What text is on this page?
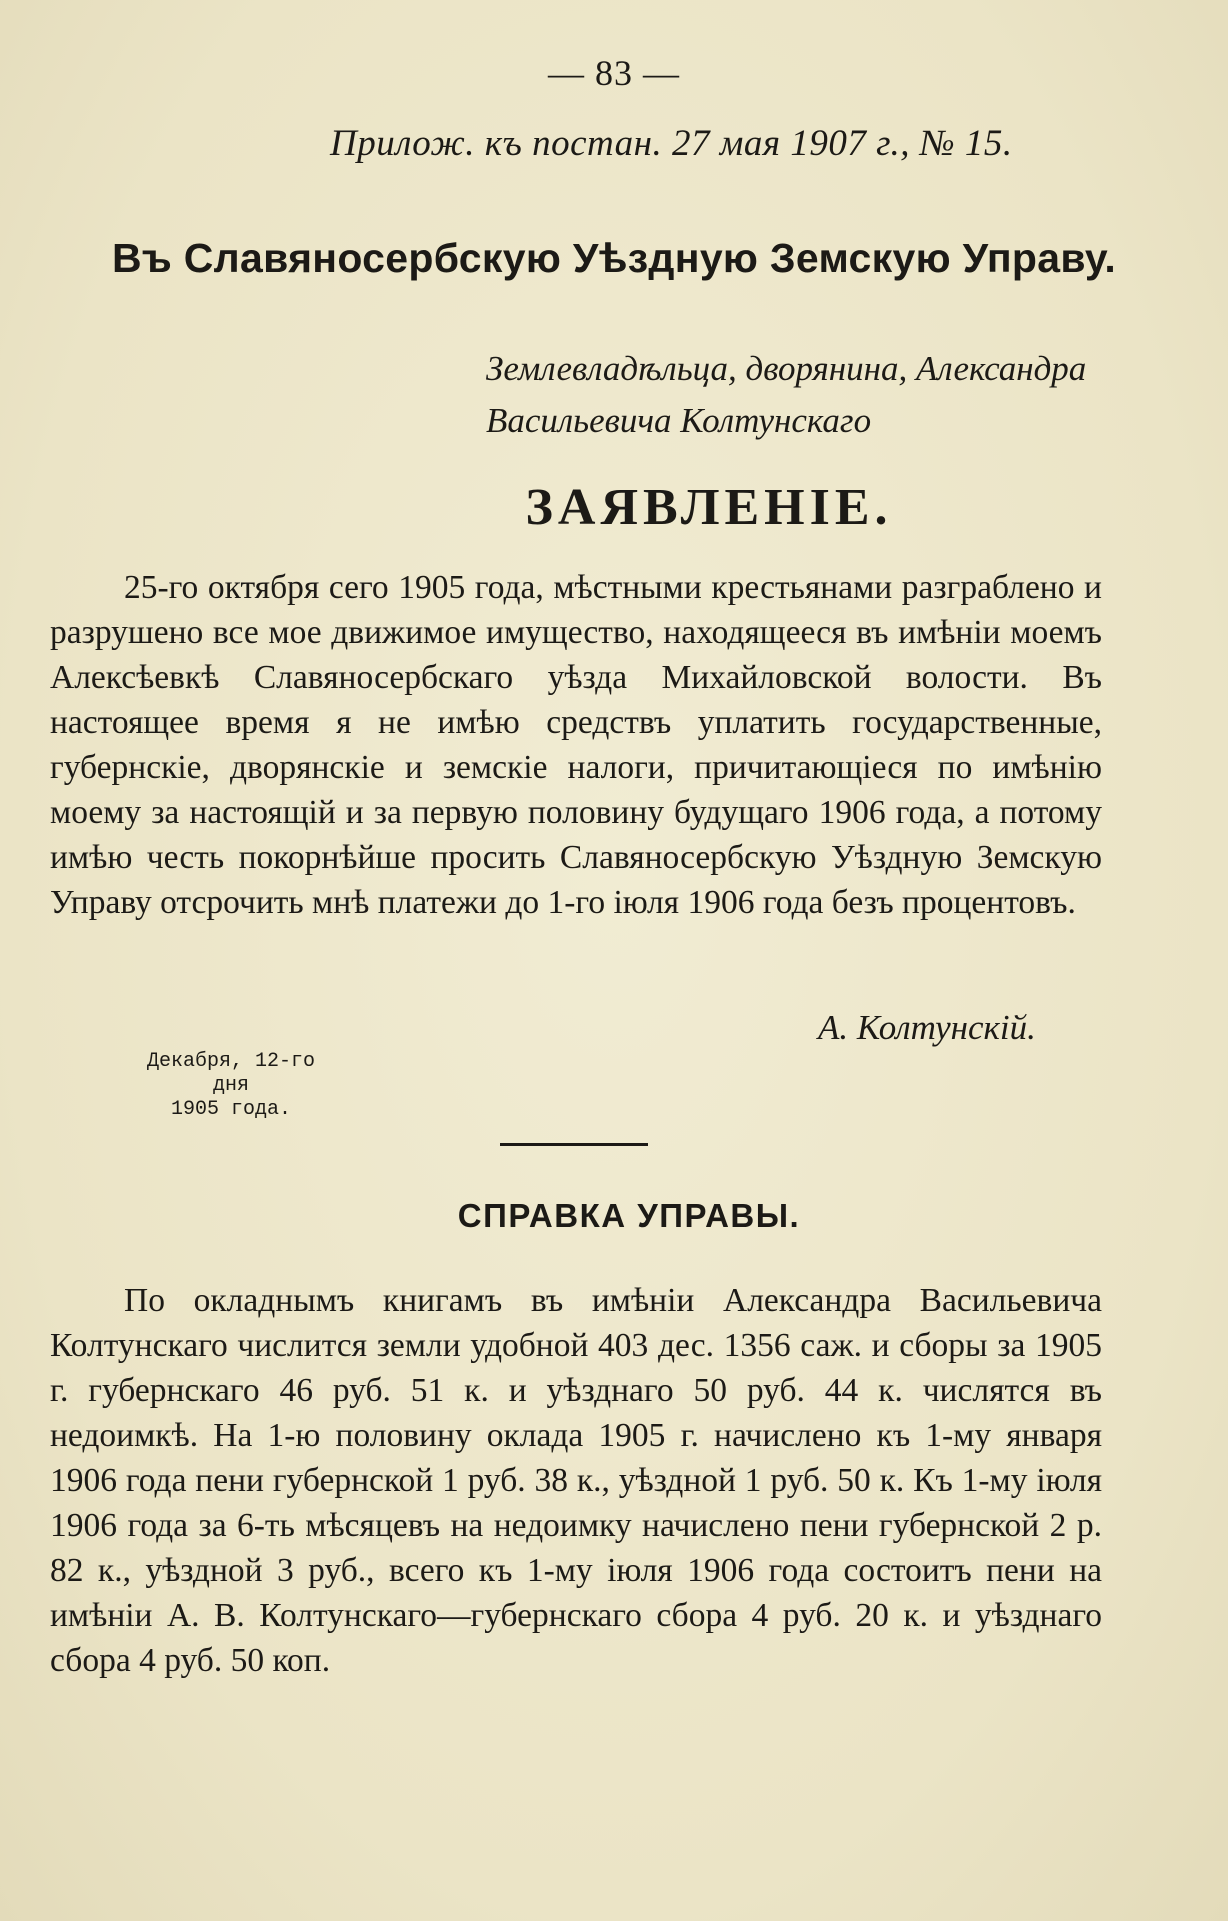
— 83 —
Прилож. къ постан. 27 мая 1907 г., № 15.
Въ Славяносербскую Уѣздную Земскую Управу.
Землевладѣльца, дворянина, Александра
Васильевича Колтунскаго
ЗАЯВЛЕНІЕ.

25-го октября сего 1905 года, мѣстными крестьянами разграблено и разрушено все мое движимое имущество, находящееся въ имѣніи моемъ Алексѣевкѣ Славяносербскаго уѣзда Михайловской волости. Въ настоящее время я не имѣю средствъ уплатить государственные, губернскіе, дворянскіе и земскіе налоги, причитающіеся по имѣнію моему за настоящій и за первую половину будущаго 1906 года, а потому имѣю честь покорнѣйше просить Славяносербскую Уѣздную Земскую Управу отсрочить мнѣ платежи до 1-го іюля 1906 года безъ процентовъ.

А. Колтунскій.
Декабря, 12-го дня
1905 года.
СПРАВКА УПРАВЫ.

По окладнымъ книгамъ въ имѣніи Александра Васильевича Колтунскаго числится земли удобной 403 дес. 1356 саж. и сборы за 1905 г. губернскаго 46 руб. 51 к. и уѣзднаго 50 руб. 44 к. числятся въ недоимкѣ. На 1-ю половину оклада 1905 г. начислено къ 1-му января 1906 года пени губернской 1 руб. 38 к., уѣздной 1 руб. 50 к. Къ 1-му іюля 1906 года за 6-ть мѣсяцевъ на недоимку начислено пени губернской 2 р. 82 к., уѣздной 3 руб., всего къ 1-му іюля 1906 года состоитъ пени на имѣніи А. В. Колтунскаго—губернскаго сбора 4 руб. 20 к. и уѣзднаго сбора 4 руб. 50 коп.
